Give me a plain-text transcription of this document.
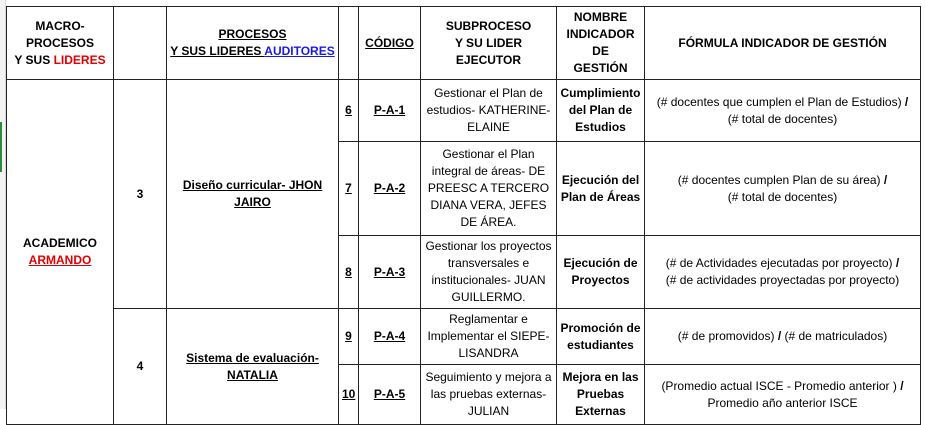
MACRO-
PROCESOS
Y SUS LIDERES		PROCESOS
Y SUS LIDERES AUDITORES		CÓDIGO	SUBPROCESO
Y SU LIDER EJECUTOR	NOMBRE
INDICADOR DE
GESTIÓN	FÓRMULA INDICADOR DE GESTIÓN
ACADEMICO
ARMANDO	3	Diseño curricular- JHON JAIRO	6	P-A-1	Gestionar el Plan de estudios- KATHERINE-ELAINE	Cumplimiento del Plan de Estudios	(# docentes que cumplen el Plan de Estudios) /
(# total de docentes)
			7	P-A-2	Gestionar el Plan integral de áreas- DE PREESC A TERCERO DIANA VERA, JEFES DE ÁREA.	Ejecución del Plan de Áreas	(# docentes cumplen Plan de su área) /
(# total de docentes)
			8	P-A-3	Gestionar los proyectos transversales e institucionales- JUAN GUILLERMO.	Ejecución de Proyectos	(# de Actividades ejecutadas por proyecto) /
(# de actividades proyectadas por proyecto)
	4	Sistema de evaluación- NATALIA	9	P-A-4	Reglamentar e Implementar el SIEPE-LISANDRA	Promoción de estudiantes	(# de promovidos) / (# de matriculados)
			10	P-A-5	Seguimiento y mejora a las pruebas externas- JULIAN	Mejora en las Pruebas Externas	(Promedio actual ISCE - Promedio anterior ) /
Promedio año anterior ISCE
